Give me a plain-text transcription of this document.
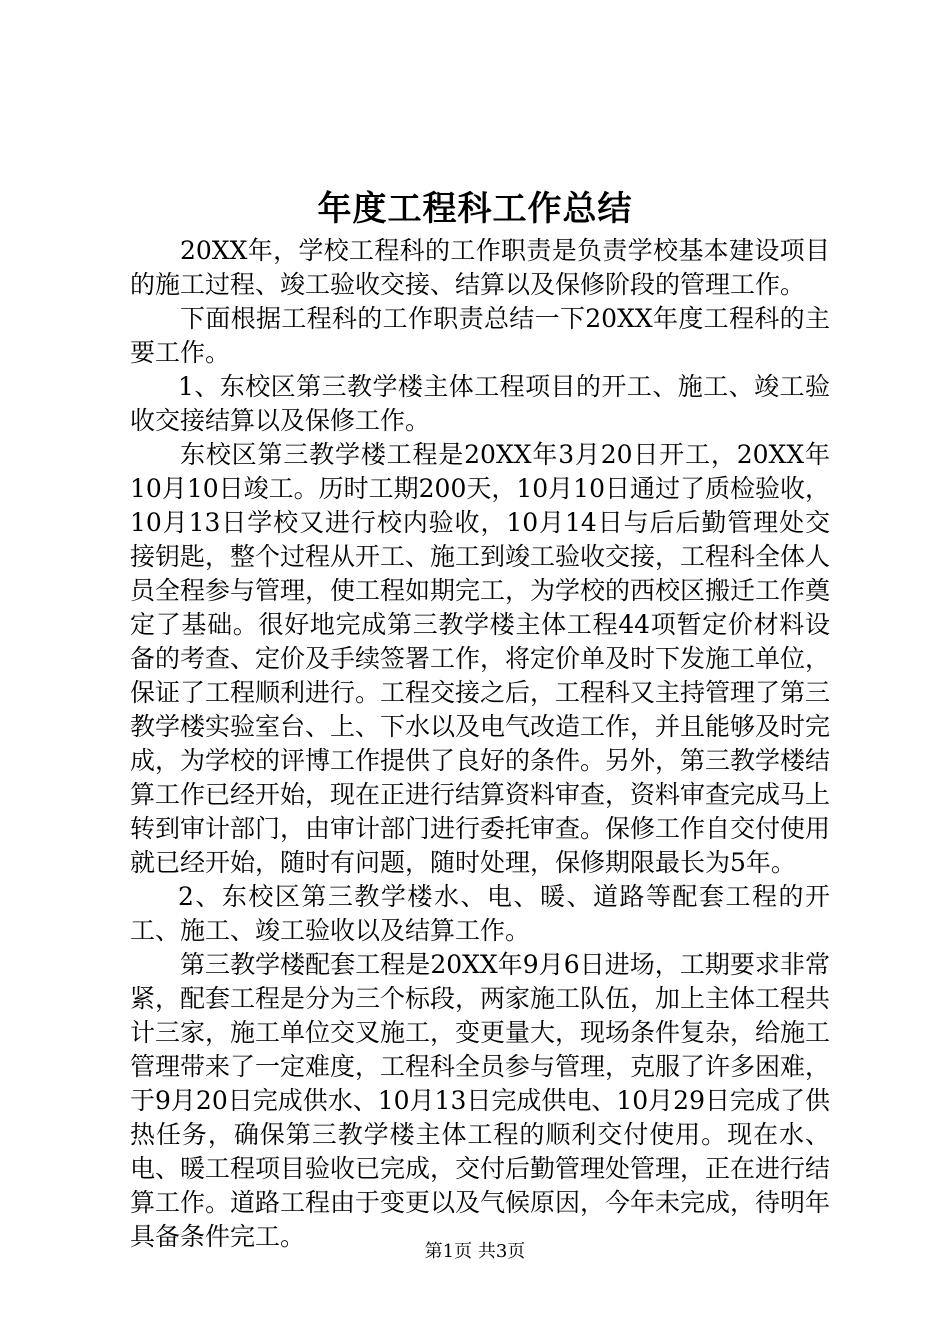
年度工程科工作总结

20XX年，学校工程科的工作职责是负责学校基本建设项目的施工过程、竣工验收交接、结算以及保修阶段的管理工作。

下面根据工程科的工作职责总结一下20XX年度工程科的主要工作。

1、东校区第三教学楼主体工程项目的开工、施工、竣工验收交接结算以及保修工作。

东校区第三教学楼工程是20XX年3月20日开工，20XX年10月10日竣工。历时工期200天，10月10日通过了质检验收，10月13日学校又进行校内验收，10月14日与后后勤管理处交接钥匙，整个过程从开工、施工到竣工验收交接，工程科全体人员全程参与管理，使工程如期完工，为学校的西校区搬迁工作奠定了基础。很好地完成第三教学楼主体工程44项暂定价材料设备的考查、定价及手续签署工作，将定价单及时下发施工单位，保证了工程顺利进行。工程交接之后，工程科又主持管理了第三教学楼实验室台、上、下水以及电气改造工作，并且能够及时完成，为学校的评博工作提供了良好的条件。另外，第三教学楼结算工作已经开始，现在正进行结算资料审查，资料审查完成马上转到审计部门，由审计部门进行委托审查。保修工作自交付使用就已经开始，随时有问题，随时处理，保修期限最长为5年。

2、东校区第三教学楼水、电、暖、道路等配套工程的开工、施工、竣工验收以及结算工作。

第三教学楼配套工程是20XX年9月6日进场，工期要求非常紧，配套工程是分为三个标段，两家施工队伍，加上主体工程共计三家，施工单位交叉施工，变更量大，现场条件复杂，给施工管理带来了一定难度，工程科全员参与管理，克服了许多困难，于9月20日完成供水、10月13日完成供电、10月29日完成了供热任务，确保第三教学楼主体工程的顺利交付使用。现在水、电、暖工程项目验收已完成，交付后勤管理处管理，正在进行结算工作。道路工程由于变更以及气候原因，今年未完成，待明年具备条件完工。

第1页 共3页
